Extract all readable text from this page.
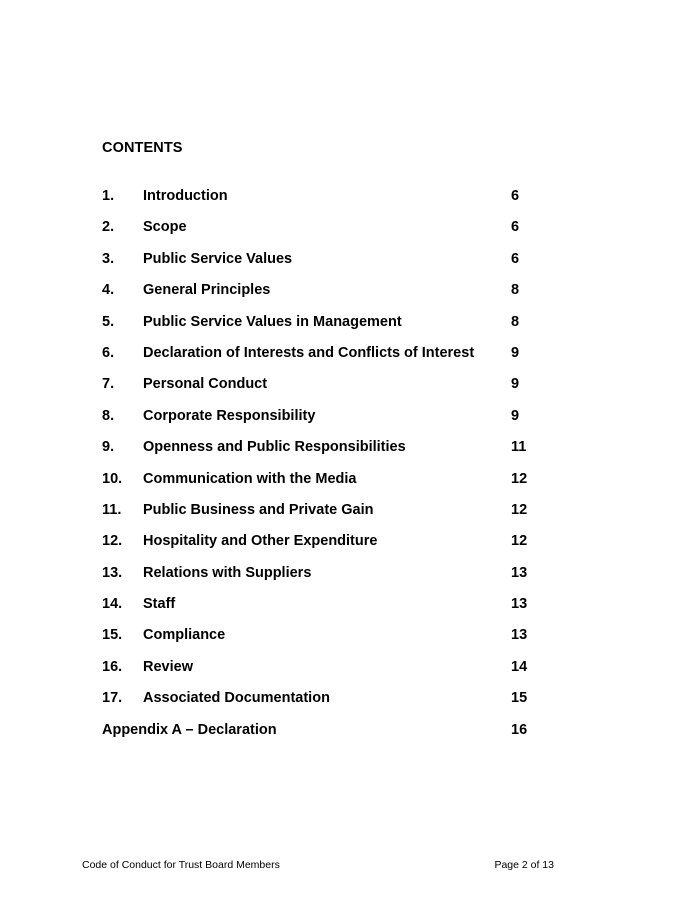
CONTENTS
1. Introduction	6
2. Scope	6
3. Public Service Values	6
4. General Principles	8
5. Public Service Values in Management	8
6. Declaration of Interests and Conflicts of Interest	9
7. Personal Conduct	9
8. Corporate Responsibility	9
9. Openness and Public Responsibilities	11
10. Communication with the Media	12
11. Public Business and Private Gain	12
12. Hospitality and Other Expenditure	12
13. Relations with Suppliers	13
14. Staff	13
15. Compliance	13
16. Review	14
17. Associated Documentation	15
Appendix A – Declaration	16
Code of Conduct for Trust Board Members	Page 2 of 13
